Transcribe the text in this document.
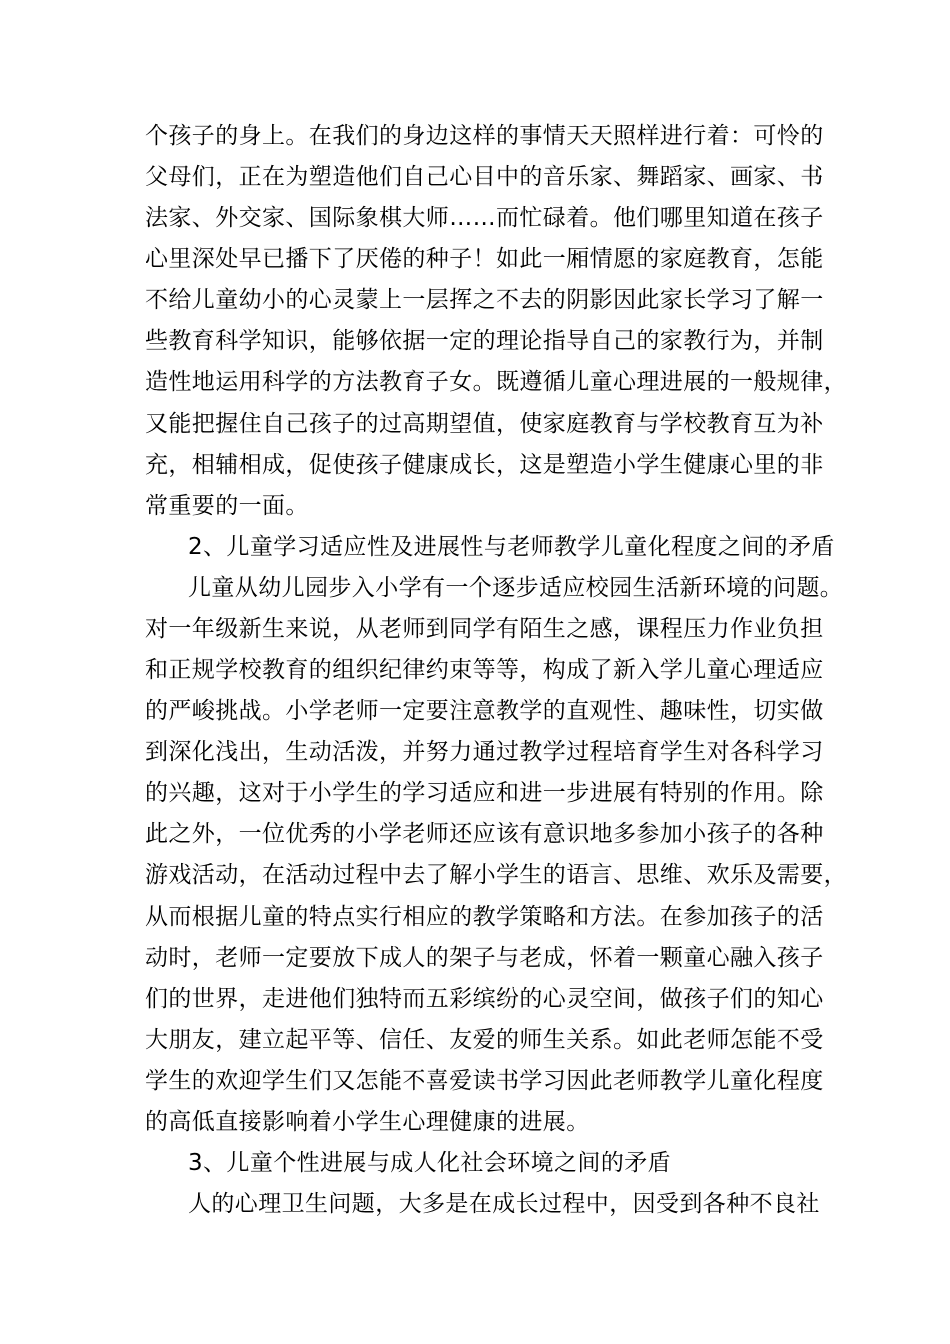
个孩子的身上。在我们的身边这样的事情天天照样进行着：可怜的
父母们，正在为塑造他们自己心目中的音乐家、舞蹈家、画家、书
法家、外交家、国际象棋大师……而忙碌着。他们哪里知道在孩子
心里深处早已播下了厌倦的种子！如此一厢情愿的家庭教育，怎能
不给儿童幼小的心灵蒙上一层挥之不去的阴影因此家长学习了解一
些教育科学知识，能够依据一定的理论指导自己的家教行为，并制
造性地运用科学的方法教育子女。既遵循儿童心理进展的一般规律，
又能把握住自己孩子的过高期望值，使家庭教育与学校教育互为补
充，相辅相成，促使孩子健康成长，这是塑造小学生健康心里的非
常重要的一面。
2、儿童学习适应性及进展性与老师教学儿童化程度之间的矛盾
儿童从幼儿园步入小学有一个逐步适应校园生活新环境的问题。
对一年级新生来说，从老师到同学有陌生之感，课程压力作业负担
和正规学校教育的组织纪律约束等等，构成了新入学儿童心理适应
的严峻挑战。小学老师一定要注意教学的直观性、趣味性，切实做
到深化浅出，生动活泼，并努力通过教学过程培育学生对各科学习
的兴趣，这对于小学生的学习适应和进一步进展有特别的作用。除
此之外，一位优秀的小学老师还应该有意识地多参加小孩子的各种
游戏活动，在活动过程中去了解小学生的语言、思维、欢乐及需要，
从而根据儿童的特点实行相应的教学策略和方法。在参加孩子的活
动时，老师一定要放下成人的架子与老成，怀着一颗童心融入孩子
们的世界，走进他们独特而五彩缤纷的心灵空间，做孩子们的知心
大朋友，建立起平等、信任、友爱的师生关系。如此老师怎能不受
学生的欢迎学生们又怎能不喜爱读书学习因此老师教学儿童化程度
的高低直接影响着小学生心理健康的进展。
3、儿童个性进展与成人化社会环境之间的矛盾
人的心理卫生问题，大多是在成长过程中，因受到各种不良社
